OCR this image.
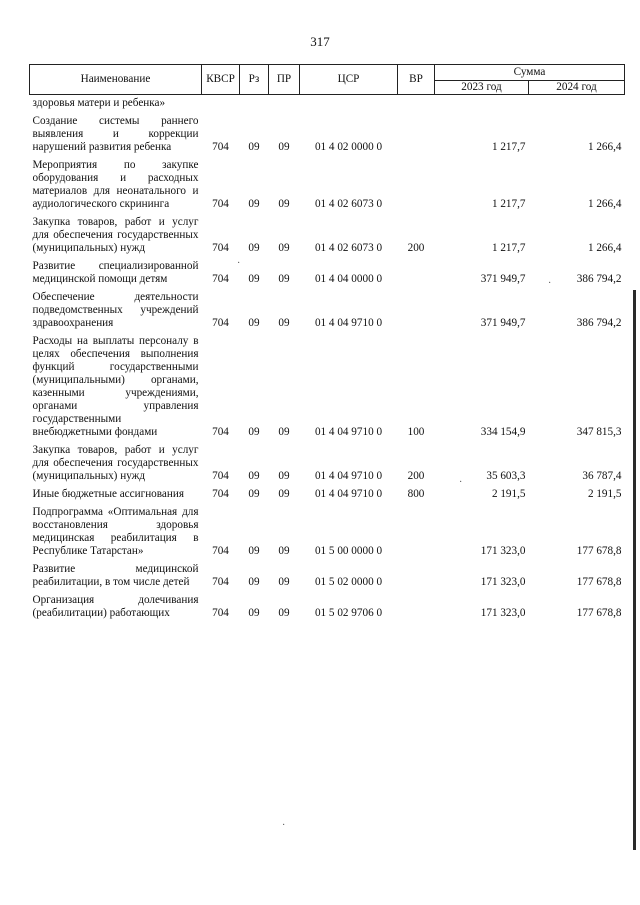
317
Наименование	КВСР	Рз	ПР	ЦСР	ВР	Сумма	
						2023 год	2024 год
здоровья матери и ребенка»							

Создание системы раннего выявления и коррекции нарушений развития ребенка	704	09	09	01 4 02 0000 0		1 217,7	1 266,4

Мероприятия по закупке оборудования и расходных материалов для неонатального и аудиологического скрининга	704	09	09	01 4 02 6073 0		1 217,7	1 266,4

Закупка товаров, работ и услуг для обеспечения государственных (муниципальных) нужд	704	09	09	01 4 02 6073 0	200	1 217,7	1 266,4

Развитие специализированной медицинской помощи детям	704	09	09	01 4 04 0000 0		371 949,7	386 794,2

Обеспечение деятельности подведомственных учреждений здравоохранения	704	09	09	01 4 04 9710 0		371 949,7	386 794,2

Расходы на выплаты персоналу в целях обеспечения выполнения функций государственными (муниципальными) органами, казенными учреждениями, органами управления государственными внебюджетными фондами	704	09	09	01 4 04 9710 0	100	334 154,9	347 815,3

Закупка товаров, работ и услуг для обеспечения государственных (муниципальных) нужд	704	09	09	01 4 04 9710 0	200	35 603,3	36 787,4

Иные бюджетные ассигнования	704	09	09	01 4 04 9710 0	800	2 191,5	2 191,5

Подпрограмма «Оптимальная для восстановления здоровья медицинская реабилитация в Республике Татарстан»	704	09	09	01 5 00 0000 0		171 323,0	177 678,8

Развитие медицинской реабилитации, в том числе детей	704	09	09	01 5 02 0000 0		171 323,0	177 678,8

Организация долечивания (реабилитации) работающих	704	09	09	01 5 02 9706 0		171 323,0	177 678,8
·
·
·
·
